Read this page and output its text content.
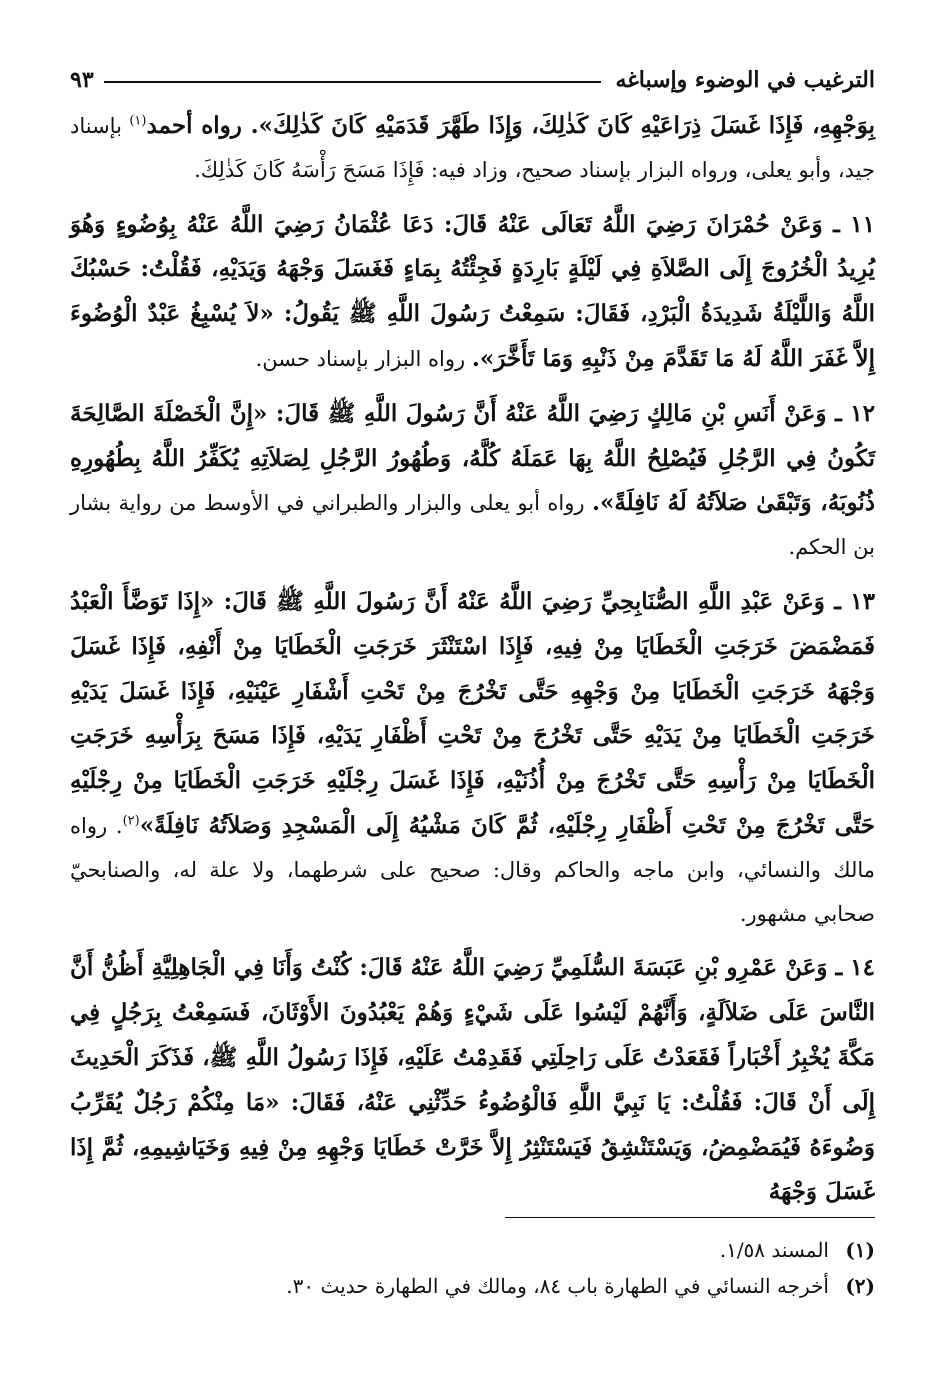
الترغيب في الوضوء وإسباغه
٩٣

بِوَجْهِهِ، فَإِذَا غَسَلَ ذِرَاعَيْهِ كَانَ كَذٰلِكَ، وَإِذَا طَهَّرَ قَدَمَيْهِ كَانَ كَذٰلِكَ». رواه أحمد$^{(١)}$ بإسناد جيد، وأبو يعلى، ورواه البزار بإسناد صحيح، وزاد فيه: فَإِذَا مَسَحَ رَأْسَهُ كَانَ كَذٰلِكَ.

١١ ـ وَعَنْ حُمْرَانَ رَضِيَ اللَّهُ تَعَالَى عَنْهُ قَالَ: دَعَا عُثْمَانُ رَضِيَ اللَّهُ عَنْهُ بِوُضُوءٍ وَهُوَ يُرِيدُ الْخُرُوجَ إِلَى الصَّلاَةِ فِي لَيْلَةٍ بَارِدَةٍ فَجِئْتُهُ بِمَاءٍ فَغَسَلَ وَجْهَهُ وَيَدَيْهِ، فَقُلْتُ: حَسْبُكَ اللَّهُ وَاللَّيْلَةُ شَدِيدَةُ الْبَرْدِ، فَقَالَ: سَمِعْتُ رَسُولَ اللَّهِ ﷺ يَقُولُ: «لاَ يُسْبِغُ عَبْدٌ الْوُضُوءَ إِلاَّ غَفَرَ اللَّهُ لَهُ مَا تَقَدَّمَ مِنْ ذَنْبِهِ وَمَا تَأَخَّرَ». رواه البزار بإسناد حسن.

١٢ ـ وَعَنْ أَنَسِ بْنِ مَالِكٍ رَضِيَ اللَّهُ عَنْهُ أَنَّ رَسُولَ اللَّهِ ﷺ قَالَ: «إِنَّ الْخَصْلَةَ الصَّالِحَةَ تَكُونُ فِي الرَّجُلِ فَيُصْلِحُ اللَّهُ بِهَا عَمَلَهُ كُلَّهُ، وَطُهُورُ الرَّجُلِ لِصَلاَتِهِ يُكَفِّرُ اللَّهُ بِطُهُورِهِ ذُنُوبَهُ، وَتَبْقَىٰ صَلاَتُهُ لَهُ نَافِلَةً». رواه أبو يعلى والبزار والطبراني في الأوسط من رواية بشار بن الحكم.

١٣ ـ وَعَنْ عَبْدِ اللَّهِ الصُّنَابِحِيِّ رَضِيَ اللَّهُ عَنْهُ أَنَّ رَسُولَ اللَّهِ ﷺ قَالَ: «إِذَا تَوَضَّأَ الْعَبْدُ فَمَضْمَضَ خَرَجَتِ الْخَطَايَا مِنْ فِيهِ، فَإِذَا اسْتَنْثَرَ خَرَجَتِ الْخَطَايَا مِنْ أَنْفِهِ، فَإِذَا غَسَلَ وَجْهَهُ خَرَجَتِ الْخَطَايَا مِنْ وَجْهِهِ حَتَّى تَخْرُجَ مِنْ تَحْتِ أَشْفَارِ عَيْنَيْهِ، فَإِذَا غَسَلَ يَدَيْهِ خَرَجَتِ الْخَطَايَا مِنْ يَدَيْهِ حَتَّى تَخْرُجَ مِنْ تَحْتِ أَظْفَارِ يَدَيْهِ، فَإِذَا مَسَحَ بِرَأْسِهِ خَرَجَتِ الْخَطَايَا مِنْ رَأْسِهِ حَتَّى تَخْرُجَ مِنْ أُذُنَيْهِ، فَإِذَا غَسَلَ رِجْلَيْهِ خَرَجَتِ الْخَطَايَا مِنْ رِجْلَيْهِ حَتَّى تَخْرُجَ مِنْ تَحْتِ أَظْفَارِ رِجْلَيْهِ، ثُمَّ كَانَ مَشْيُهُ إِلَى الْمَسْجِدِ وَصَلاَتُهُ نَافِلَةً»$^{(٢)}$. رواه مالك والنسائي، وابن ماجه والحاكم وقال: صحيح على شرطهما، ولا علة له، والصنابحيّ صحابي مشهور.

١٤ ـ وَعَنْ عَمْرِو بْنِ عَبَسَةَ السُّلَمِيِّ رَضِيَ اللَّهُ عَنْهُ قَالَ: كُنْتُ وَأَنَا فِي الْجَاهِلِيَّةِ أَظُنُّ أَنَّ النَّاسَ عَلَى ضَلاَلَةٍ، وَأَنَّهُمْ لَيْسُوا عَلَى شَيْءٍ وَهُمْ يَعْبُدُونَ الأَوْثَانَ، فَسَمِعْتُ بِرَجُلٍ فِي مَكَّةَ يُخْبِرُ أَخْبَاراً فَقَعَدْتُ عَلَى رَاحِلَتِي فَقَدِمْتُ عَلَيْهِ، فَإِذَا رَسُولُ اللَّهِ ﷺ، فَذَكَرَ الْحَدِيثَ إِلَى أَنْ قَالَ: فَقُلْتُ: يَا نَبِيَّ اللَّهِ فَالْوُضُوءُ حَدِّثْنِي عَنْهُ، فَقَالَ: «مَا مِنْكُمْ رَجُلٌ يُقَرِّبُ وَضُوءَهُ فَيُمَضْمِضُ، وَيَسْتَنْشِقُ فَيَسْتَنْثِرُ إِلاَّ خَرَّتْ خَطَايَا وَجْهِهِ مِنْ فِيهِ وَخَيَاشِيمِهِ، ثُمَّ إِذَا غَسَلَ وَجْهَهُ

(١)المسند ١/٥٨.
(٢)أخرجه النسائي في الطهارة باب ٨٤، ومالك في الطهارة حديث ٣٠.
